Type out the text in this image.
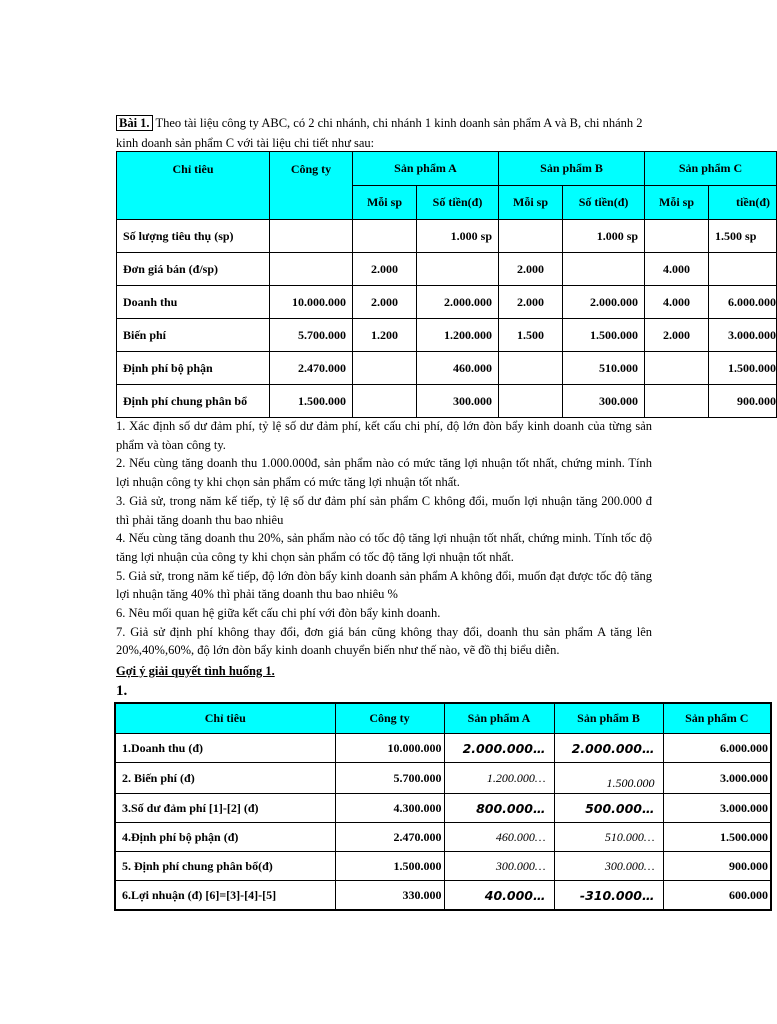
Bài 1. Theo tài liệu công ty ABC, có 2 chi nhánh, chi nhánh 1 kinh doanh sản phẩm A và B, chi nhánh 2 kinh doanh sản phẩm C với tài liệu chi tiết như sau:
Chỉ tiêu	Công ty	Sản phẩm A		Sản phẩm B		Sản phẩm C	
		Mỗi sp	Số tiền(đ)	Mỗi sp	Số tiền(đ)	Mỗi sp	tiền(đ)
Số lượng tiêu thụ (sp)			1.000 sp		1.000 sp		1.500 sp
Đơn giá bán (đ/sp)		2.000		2.000		4.000	
Doanh thu	10.000.000	2.000	2.000.000	2.000	2.000.000	4.000	6.000.000
Biến phí	5.700.000	1.200	1.200.000	1.500	1.500.000	2.000	3.000.000
Định phí bộ phận	2.470.000		460.000		510.000		1.500.000
Định phí chung phân bổ	1.500.000		300.000		300.000		900.000
1. Xác định số dư đảm phí, tỷ lệ số dư đảm phí, kết cấu chi phí, độ lớn đòn bẩy kinh doanh của từng sản phẩm và tòan công ty.
2. Nếu cùng tăng doanh thu 1.000.000đ, sản phẩm nào có mức tăng lợi nhuận tốt nhất, chứng minh. Tính lợi nhuận công ty khi chọn sản phẩm có mức tăng lợi nhuận tốt nhất.
3. Giả sử, trong năm kế tiếp, tỷ lệ số dư đảm phí sản phẩm C không đổi, muốn lợi nhuận tăng 200.000 đ thì phải tăng doanh thu bao nhiêu
4. Nếu cùng tăng doanh thu 20%, sản phẩm nào có tốc độ tăng lợi nhuận tốt nhất, chứng minh. Tính tốc độ tăng lợi nhuận của công ty khi chọn sản phẩm có tốc độ tăng lợi nhuận tốt nhất.
5. Giả sử, trong năm kế tiếp, độ lớn đòn bẩy kinh doanh sản phẩm A không đổi, muốn đạt được tốc độ tăng lợi nhuận tăng 40% thì phải tăng doanh thu bao nhiêu %
6. Nêu mối quan hệ giữa kết cấu chi phí với đòn bẩy kinh doanh.
7. Giả sử định phí không thay đổi, đơn giá bán cũng không thay đổi, doanh thu sản phẩm A tăng lên 20%,40%,60%, độ lớn đòn bẩy kinh doanh chuyển biến như thế nào, vẽ đồ thị biểu diễn.
Gợi ý giải quyết tình huống 1.
1.
Chỉ tiêu	Công ty	Sản phẩm A	Sản phẩm B	Sản phẩm C
1.Doanh thu (đ)	10.000.000	2.000.000…	2.000.000…	6.000.000
2. Biến phí (đ)	5.700.000	1.200.000…	1.500.000	3.000.000
3.Số dư đảm phí [1]-[2] (đ)	4.300.000	800.000…	500.000…	3.000.000
4.Định phí bộ phận (đ)	2.470.000	460.000…	510.000…	1.500.000
5. Định phí chung phân bổ(đ)	1.500.000	300.000…	300.000…	900.000
6.Lợi nhuận (đ) [6]=[3]-[4]-[5]	330.000	40.000…	-310.000…	600.000
